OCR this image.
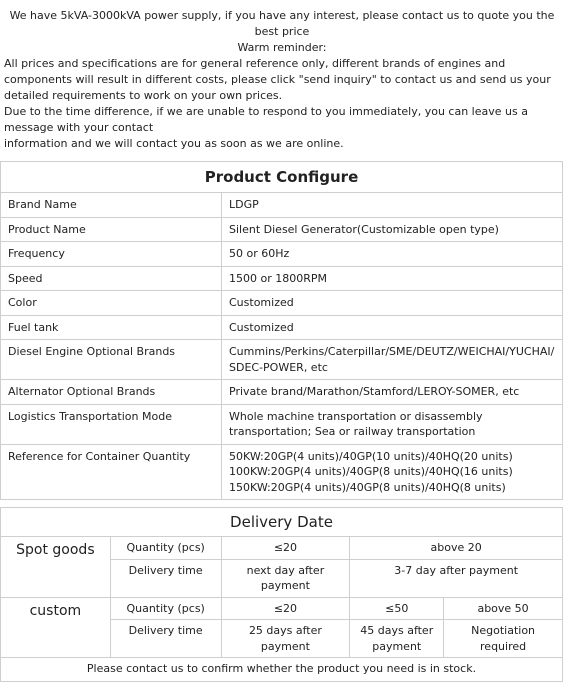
We have 5kVA-3000kVA power supply, if you have any interest, please contact us to quote you the best price
Warm reminder:
All prices and specifications are for general reference only, different brands of engines and components will result in different costs, please click "send inquiry" to contact us and send us your detailed requirements to work on your own prices.
Due to the time difference, if we are unable to respond to you immediately, you can leave us a message with your contact
information and we will contact you as soon as we are online.
Product Configure	
Brand Name	LDGP
Product Name	Silent Diesel Generator(Customizable open type)
Frequency	50 or 60Hz
Speed	1500 or 1800RPM
Color	Customized
Fuel tank	Customized
Diesel Engine Optional Brands	Cummins/Perkins/Caterpillar/SME/DEUTZ/WEICHAI/YUCHAI/SDEC-POWER, etc
Alternator Optional Brands	Private brand/Marathon/Stamford/LEROY-SOMER, etc
Logistics Transportation Mode	Whole machine transportation or disassembly transportation; Sea or railway transportation
Reference for Container Quantity	50KW:20GP(4 units)/40GP(10 units)/40HQ(20 units)
100KW:20GP(4 units)/40GP(8 units)/40HQ(16 units)
150KW:20GP(4 units)/40GP(8 units)/40HQ(8 units)
Delivery Date				
Spot goods	Quantity (pcs)	≤20	above 20	
	Delivery time	next day after payment	3-7 day after payment	
custom	Quantity (pcs)	≤20	≤50	above 50
	Delivery time	25 days after payment	45 days after payment	Negotiation required
Please contact us to confirm whether the product you need is in stock.				
